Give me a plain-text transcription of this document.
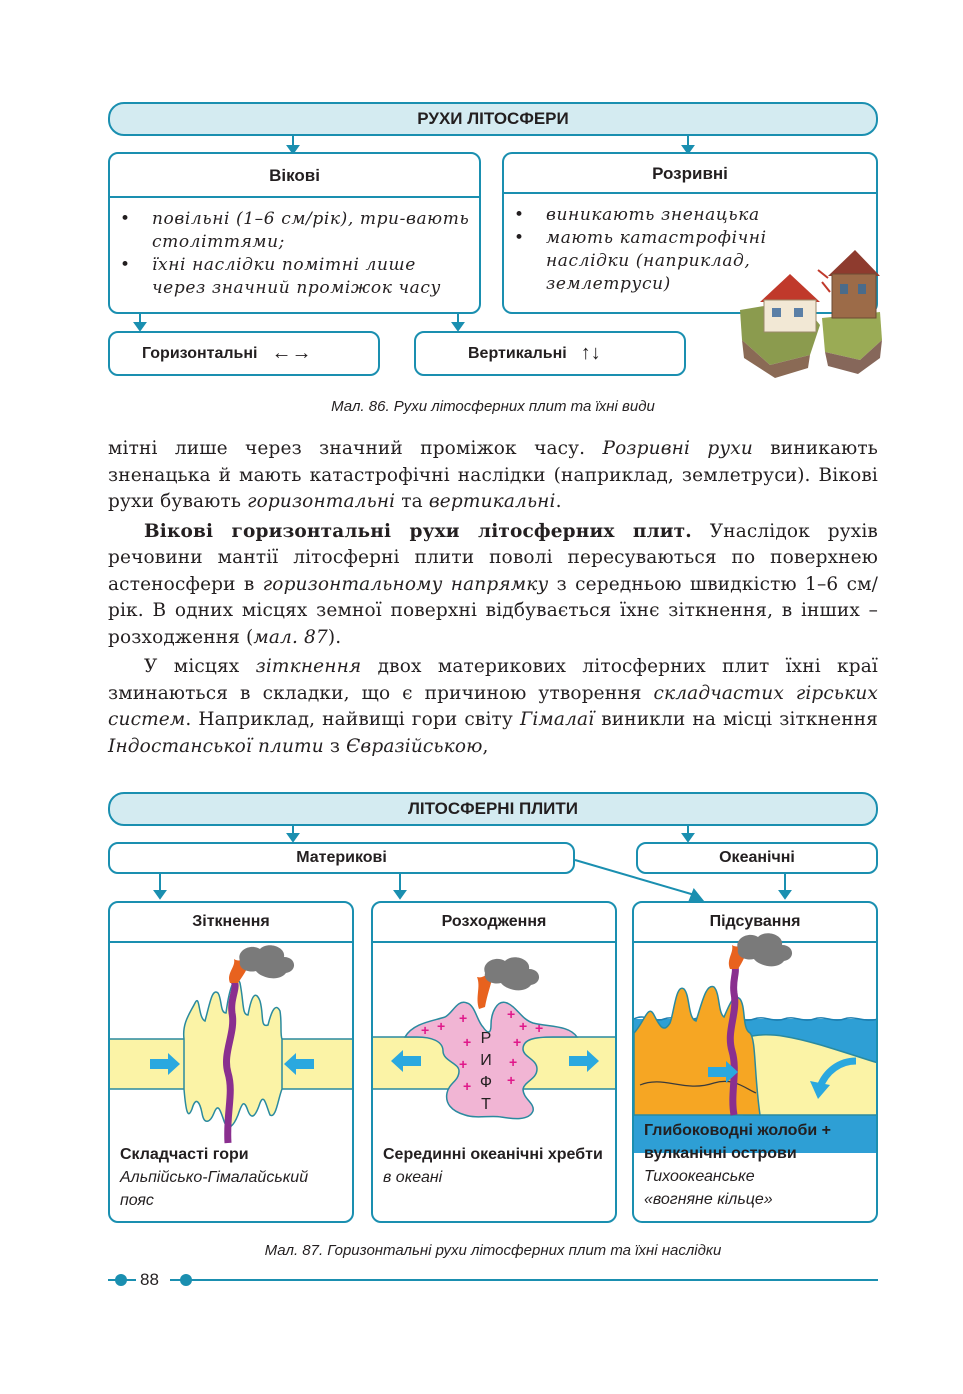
РУХИ ЛІТОСФЕРИ
Вікові
• повільні (1–6 см/рік), три-вають століттями;
• їхні наслідки помітні лише через значний проміжок часу
Розривні
• виникають зненацька
• мають катастрофічні наслідки (наприклад, землетруси)
Горизонтальні ←→	Вертикальні ↑↓
Мал. 86. Рухи літосферних плит та їхні види

мітні лише через значний проміжок часу. Розривні рухи виникають зненацька й мають катастрофічні наслідки (наприклад, землетруси). Вікові рухи бувають горизонтальні та вертикальні.

Вікові горизонтальні рухи літосферних плит. Унаслідок рухів речовини мантії літосферні плити поволі пересуваються по поверхнею астеносфери в горизонтальному напрямку з середньою швидкістю 1–6 см/рік. В одних місцях земної поверхні відбувається їхнє зіткнення, в інших – розходження (мал. 87).

У місцях зіткнення двох материкових літосферних плит їхні краї зминаються в складки, що є причиною утворення складчастих гірських систем. Наприклад, найвищі гори світу Гімалаї виникли на місці зіткнення Індостанської плити з Євразійською,

ЛІТОСФЕРНІ ПЛИТИ
Материкові	Океанічні
Зіткнення
Складчасті гори
Альпійсько-Гімалайський пояс
Розходження
+ + +	+
+ +
+	+
+	+
+	+
Р
И
Ф
Т
Серединні океанічні хребти в океані
Підсування
Глибоководні жолоби + вулканічні острови
Тихоокеанське «вогняне кільце»
Мал. 87. Горизонтальні рухи літосферних плит та їхні наслідки
88
